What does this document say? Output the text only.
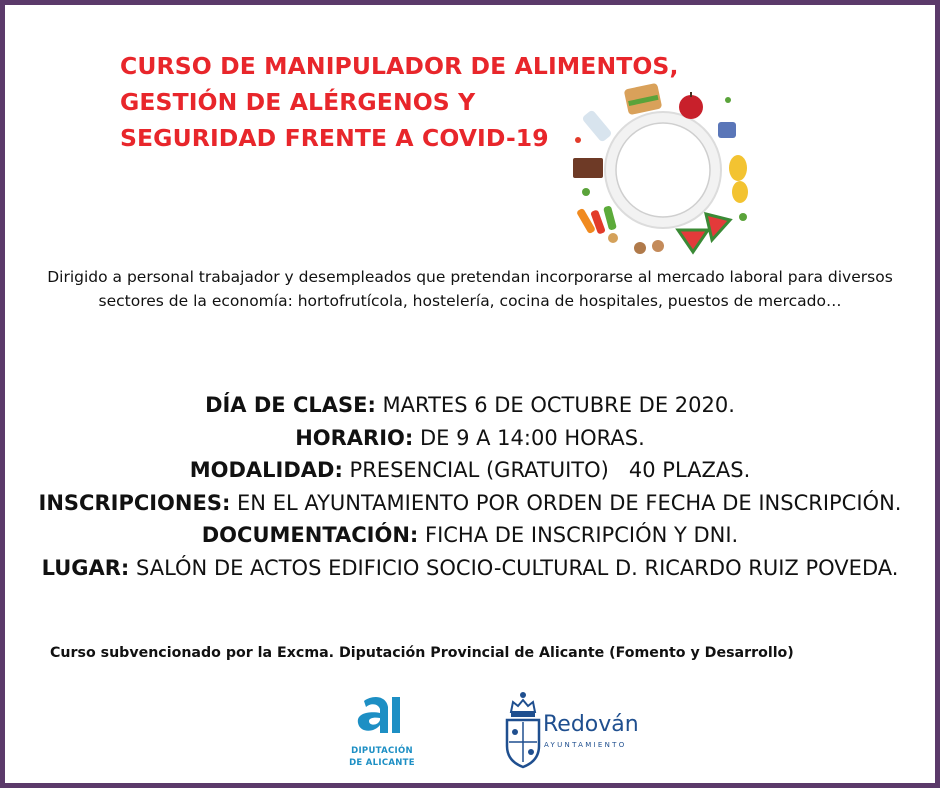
CURSO DE MANIPULADOR DE ALIMENTOS,
GESTIÓN DE ALÉRGENOS Y
SEGURIDAD FRENTE A COVID-19
Dirigido a personal trabajador y desempleados que pretendan incorporarse al mercado laboral para diversos sectores de la economía: hortofrutícola, hostelería, cocina de hospitales, puestos de mercado…
DÍA DE CLASE: MARTES 6 DE OCTUBRE DE 2020.
HORARIO: DE 9 A 14:00 HORAS.
MODALIDAD: PRESENCIAL (GRATUITO)   40 PLAZAS.
INSCRIPCIONES: EN EL AYUNTAMIENTO POR ORDEN DE FECHA DE INSCRIPCIÓN.
DOCUMENTACIÓN: FICHA DE INSCRIPCIÓN Y DNI.
LUGAR: SALÓN DE ACTOS EDIFICIO SOCIO-CULTURAL D. RICARDO RUIZ POVEDA.
Curso subvencionado por la Excma. Diputación Provincial de Alicante (Fomento y Desarrollo)
DIPUTACIÓN
DE ALICANTE
Redován
AYUNTAMIENTO
